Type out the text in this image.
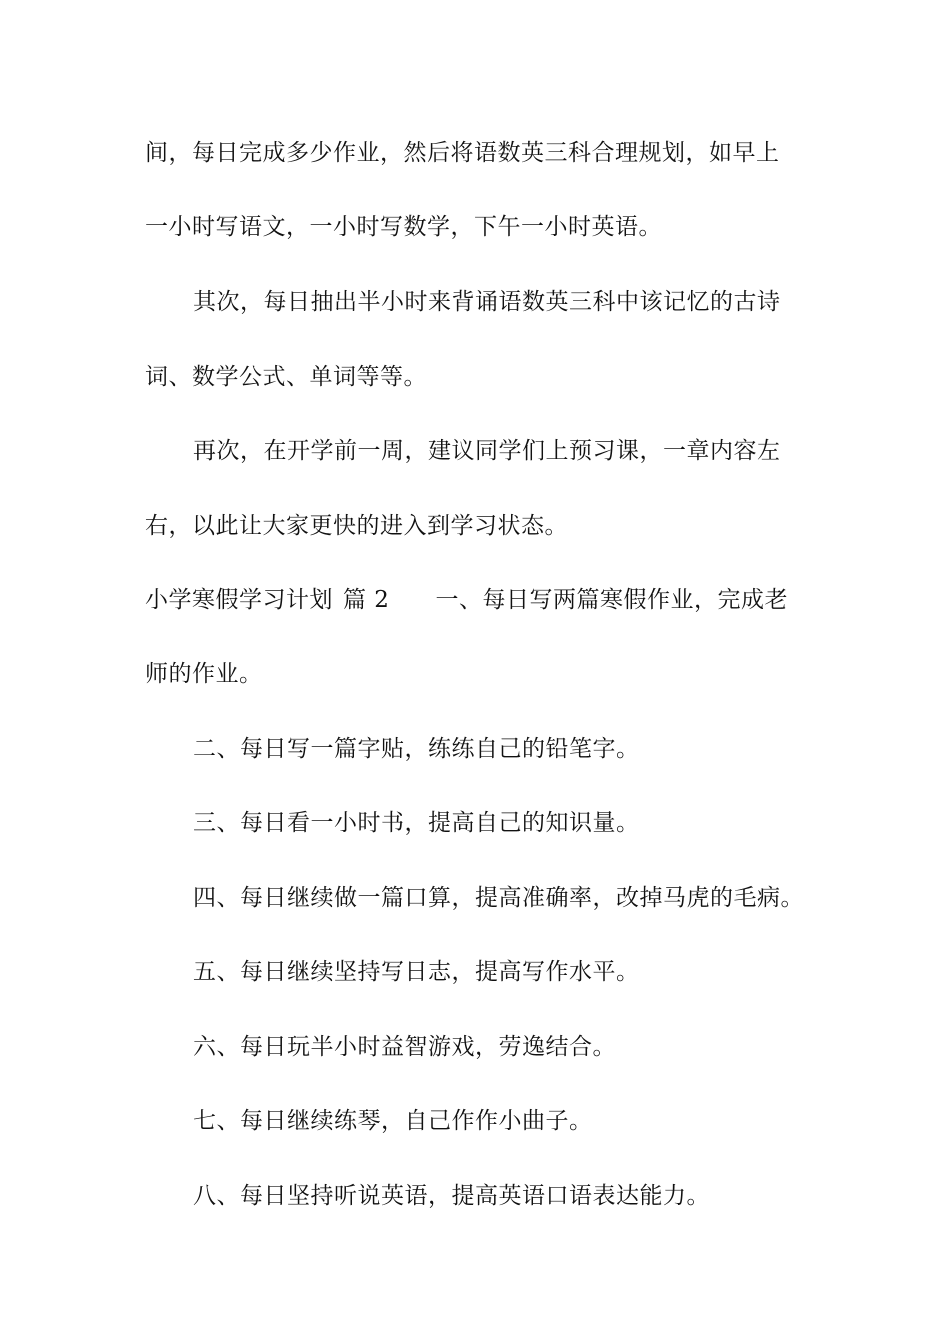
间，每日完成多少作业，然后将语数英三科合理规划，如早上
一小时写语文，一小时写数学，下午一小时英语。
其次，每日抽出半小时来背诵语数英三科中该记忆的古诗
词、数学公式、单词等等。
再次，在开学前一周，建议同学们上预习课，一章内容左
右，以此让大家更快的进入到学习状态。
小学寒假学习计划 篇 2 一、每日写两篇寒假作业，完成老
师的作业。
二、每日写一篇字贴，练练自己的铅笔字。
三、每日看一小时书，提高自己的知识量。
四、每日继续做一篇口算，提高准确率，改掉马虎的毛病。
五、每日继续坚持写日志，提高写作水平。
六、每日玩半小时益智游戏，劳逸结合。
七、每日继续练琴，自己作作小曲子。
八、每日坚持听说英语，提高英语口语表达能力。
